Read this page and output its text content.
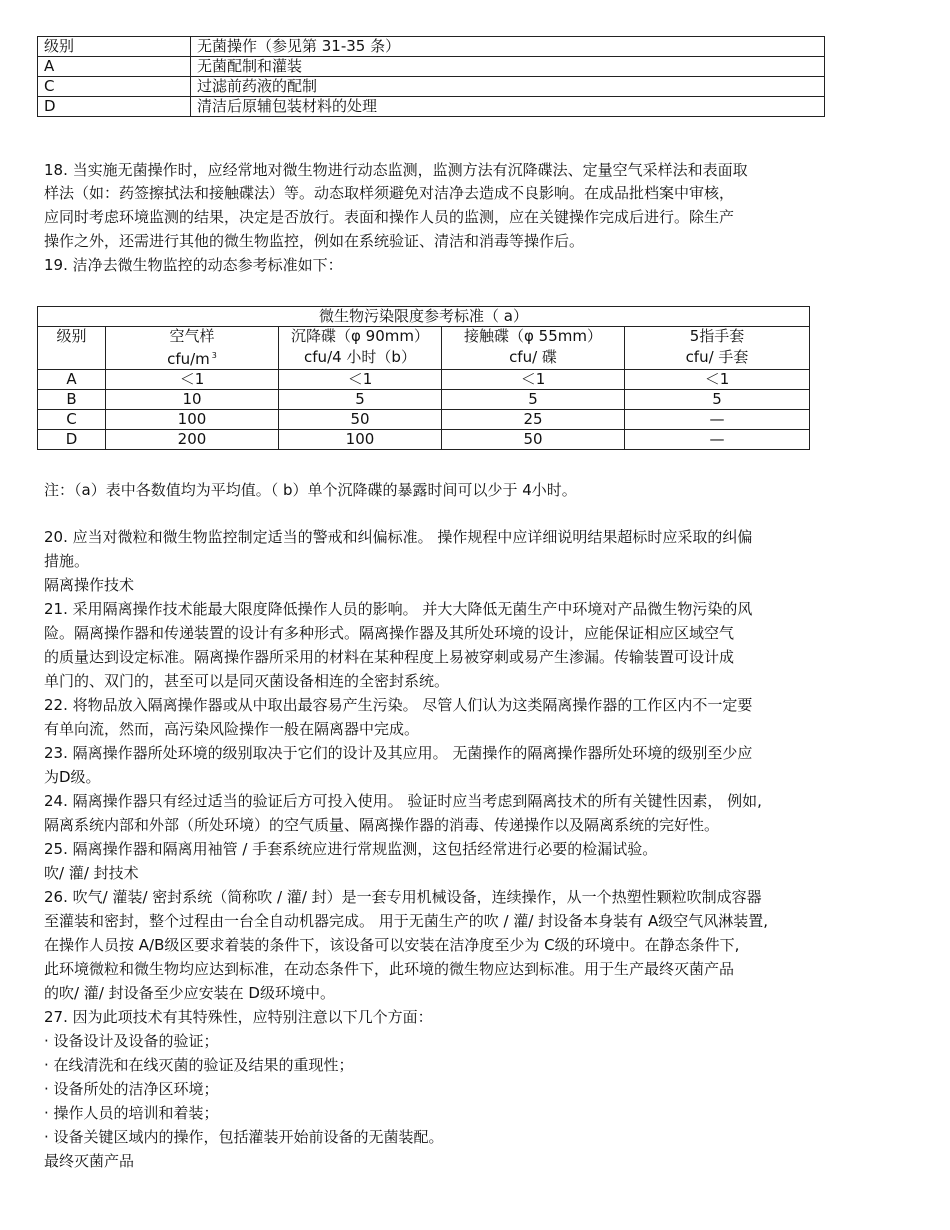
级别	无菌操作（参见第 31-35 条）
A	无菌配制和灌装
C	过滤前药液的配制
D	清洁后原辅包装材料的处理
18. 当实施无菌操作时，应经常地对微生物进行动态监测，监测方法有沉降碟法、定量空气采样法和表面取
样法（如：药签擦拭法和接触碟法）等。动态取样须避免对洁净去造成不良影响。在成品批档案中审核，
应同时考虑环境监测的结果，决定是否放行。表面和操作人员的监测，应在关键操作完成后进行。除生产
操作之外，还需进行其他的微生物监控，例如在系统验证、清洁和消毒等操作后。
19. 洁净去微生物监控的动态参考标准如下：
微生物污染限度参考标准（ a）				
级别	空气样	沉降碟（φ 90mm）	接触碟（φ 55mm）	5指手套
	cfu/m $^3$	cfu/4 小时（b）	cfu/ 碟	cfu/ 手套
A	＜1	＜1	＜1	＜1
B	10	5	5	5
C	100	50	25	—
D	200	100	50	—
注：（a）表中各数值均为平均值。（ b）单个沉降碟的暴露时间可以少于 4小时。
20. 应当对微粒和微生物监控制定适当的警戒和纠偏标准。 操作规程中应详细说明结果超标时应采取的纠偏
措施。
隔离操作技术
21. 采用隔离操作技术能最大限度降低操作人员的影响。 并大大降低无菌生产中环境对产品微生物污染的风
险。隔离操作器和传递装置的设计有多种形式。隔离操作器及其所处环境的设计，应能保证相应区域空气
的质量达到设定标准。隔离操作器所采用的材料在某种程度上易被穿刺或易产生渗漏。传输装置可设计成
单门的、双门的，甚至可以是同灭菌设备相连的全密封系统。
22. 将物品放入隔离操作器或从中取出最容易产生污染。 尽管人们认为这类隔离操作器的工作区内不一定要
有单向流，然而，高污染风险操作一般在隔离器中完成。
23. 隔离操作器所处环境的级别取决于它们的设计及其应用。 无菌操作的隔离操作器所处环境的级别至少应
为D级。
24. 隔离操作器只有经过适当的验证后方可投入使用。 验证时应当考虑到隔离技术的所有关键性因素， 例如,
隔离系统内部和外部（所处环境）的空气质量、隔离操作器的消毒、传递操作以及隔离系统的完好性。
25. 隔离操作器和隔离用袖管 / 手套系统应进行常规监测，这包括经常进行必要的检漏试验。
吹/ 灌/ 封技术
26. 吹气/ 灌装/ 密封系统（简称吹 / 灌/ 封）是一套专用机械设备，连续操作，从一个热塑性颗粒吹制成容器
至灌装和密封，整个过程由一台全自动机器完成。 用于无菌生产的吹 / 灌/ 封设备本身装有 A级空气风淋装置,
在操作人员按 A/B级区要求着装的条件下，该设备可以安装在洁净度至少为 C级的环境中。在静态条件下,
此环境微粒和微生物均应达到标准，在动态条件下，此环境的微生物应达到标准。用于生产最终灭菌产品
的吹/ 灌/ 封设备至少应安装在 D级环境中。
27. 因为此项技术有其特殊性，应特别注意以下几个方面：
· 设备设计及设备的验证；
· 在线清洗和在线灭菌的验证及结果的重现性；
· 设备所处的洁净区环境；
· 操作人员的培训和着装；
· 设备关键区域内的操作，包括灌装开始前设备的无菌装配。
最终灭菌产品
